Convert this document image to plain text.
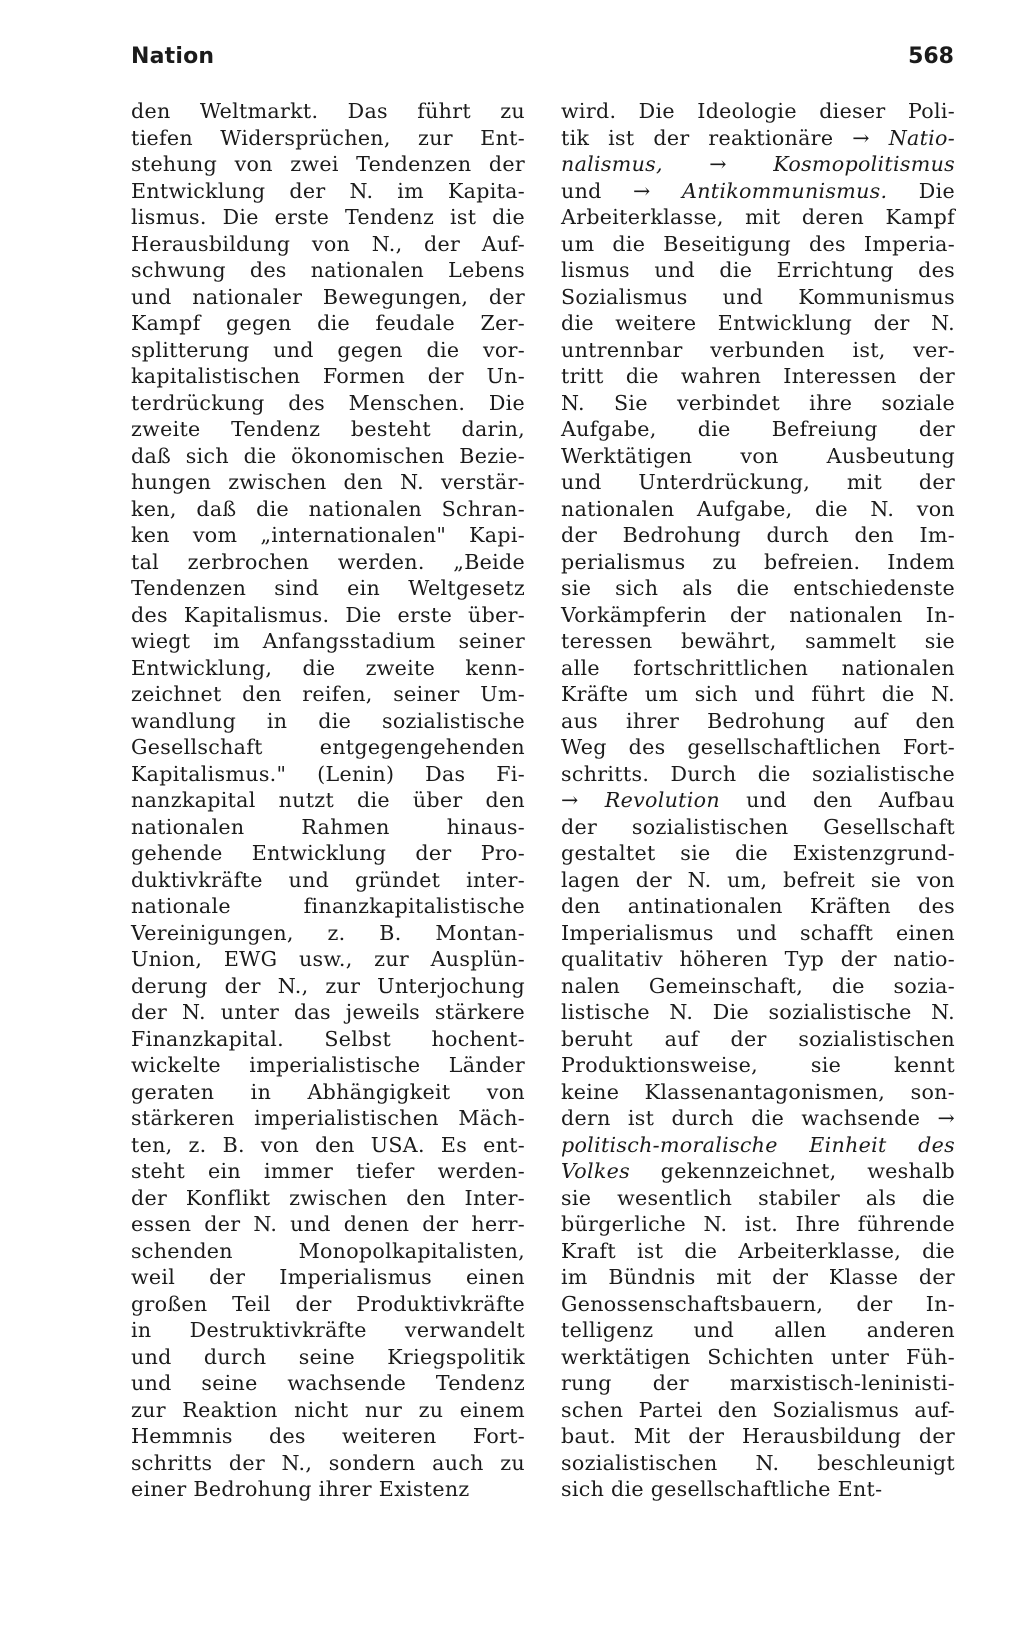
Nation	568
den Weltmarkt. Das führt zu
tiefen Widersprüchen, zur Ent-
stehung von zwei Tendenzen der
Entwicklung der N. im Kapita-
lismus. Die erste Tendenz ist die
Herausbildung von N., der Auf-
schwung des nationalen Lebens
und nationaler Bewegungen, der
Kampf gegen die feudale Zer-
splitterung und gegen die vor-
kapitalistischen Formen der Un-
terdrückung des Menschen. Die
zweite Tendenz besteht darin,
daß sich die ökonomischen Bezie-
hungen zwischen den N. verstär-
ken, daß die nationalen Schran-
ken vom „internationalen" Kapi-
tal zerbrochen werden. „Beide
Tendenzen sind ein Weltgesetz
des Kapitalismus. Die erste über-
wiegt im Anfangsstadium seiner
Entwicklung, die zweite kenn-
zeichnet den reifen, seiner Um-
wandlung in die sozialistische
Gesellschaft entgegengehenden
Kapitalismus." (Lenin) Das Fi-
nanzkapital nutzt die über den
nationalen Rahmen hinaus-
gehende Entwicklung der Pro-
duktivkräfte und gründet inter-
nationale finanzkapitalistische
Vereinigungen, z. B. Montan-
Union, EWG usw., zur Ausplün-
derung der N., zur Unterjochung
der N. unter das jeweils stärkere
Finanzkapital. Selbst hochent-
wickelte imperialistische Länder
geraten in Abhängigkeit von
stärkeren imperialistischen Mäch-
ten, z. B. von den USA. Es ent-
steht ein immer tiefer werden-
der Konflikt zwischen den Inter-
essen der N. und denen der herr-
schenden Monopolkapitalisten,
weil der Imperialismus einen
großen Teil der Produktivkräfte
in Destruktivkräfte verwandelt
und durch seine Kriegspolitik
und seine wachsende Tendenz
zur Reaktion nicht nur zu einem
Hemmnis des weiteren Fort-
schritts der N., sondern auch zu
einer Bedrohung ihrer Existenz
wird. Die Ideologie dieser Poli-
tik ist der reaktionäre → Natio-
nalismus, → Kosmopolitismus
und → Antikommunismus. Die
Arbeiterklasse, mit deren Kampf
um die Beseitigung des Imperia-
lismus und die Errichtung des
Sozialismus und Kommunismus
die weitere Entwicklung der N.
untrennbar verbunden ist, ver-
tritt die wahren Interessen der
N. Sie verbindet ihre soziale
Aufgabe, die Befreiung der
Werktätigen von Ausbeutung
und Unterdrückung, mit der
nationalen Aufgabe, die N. von
der Bedrohung durch den Im-
perialismus zu befreien. Indem
sie sich als die entschiedenste
Vorkämpferin der nationalen In-
teressen bewährt, sammelt sie
alle fortschrittlichen nationalen
Kräfte um sich und führt die N.
aus ihrer Bedrohung auf den
Weg des gesellschaftlichen Fort-
schritts. Durch die sozialistische
→ Revolution und den Aufbau
der sozialistischen Gesellschaft
gestaltet sie die Existenzgrund-
lagen der N. um, befreit sie von
den antinationalen Kräften des
Imperialismus und schafft einen
qualitativ höheren Typ der natio-
nalen Gemeinschaft, die sozia-
listische N. Die sozialistische N.
beruht auf der sozialistischen
Produktionsweise, sie kennt
keine Klassenantagonismen, son-
dern ist durch die wachsende →
politisch-moralische Einheit des
Volkes gekennzeichnet, weshalb
sie wesentlich stabiler als die
bürgerliche N. ist. Ihre führende
Kraft ist die Arbeiterklasse, die
im Bündnis mit der Klasse der
Genossenschaftsbauern, der In-
telligenz und allen anderen
werktätigen Schichten unter Füh-
rung der marxistisch-leninisti-
schen Partei den Sozialismus auf-
baut. Mit der Herausbildung der
sozialistischen N. beschleunigt
sich die gesellschaftliche Ent-
